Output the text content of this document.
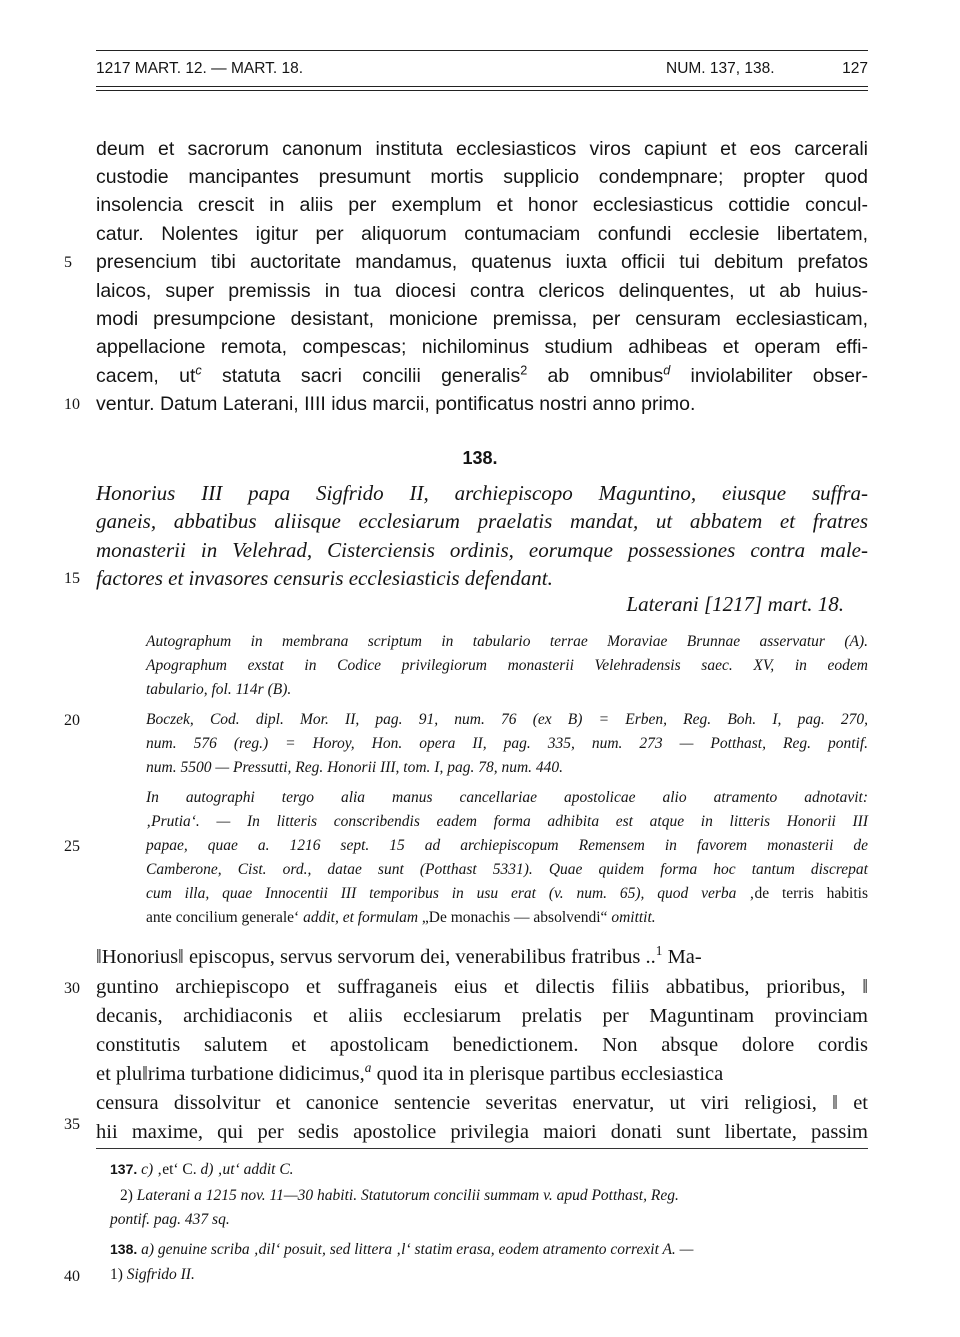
1217 MART. 12. — MART. 18.	NUM. 137, 138.	127
deum et sacrorum canonum instituta ecclesiasticos viros capiunt et eos carcerali
custodie mancipantes presumunt mortis supplicio condempnare; propter quod
insolencia crescit in aliis per exemplum et honor ecclesiasticus cottidie concul-
catur. Nolentes igitur per aliquorum contumaciam confundi ecclesie libertatem,
presencium tibi auctoritate mandamus, quatenus iuxta officii tui debitum prefatos
laicos, super premissis in tua diocesi contra clericos delinquentes, ut ab huius-
modi presumpcione desistant, monicione premissa, per censuram ecclesiasticam,
appellacione remota, compescas; nichilominus studium adhibeas et operam effi-
cacem, $ut^c$ statuta sacri concilii generalis$^2$ ab omnibus$^d$ inviolabiliter obser-
ventur. Datum Laterani, IIII idus marcii, pontificatus nostri anno primo.
5
10
15
20
25
30
35
40
138.
Honorius III papa Sigfrido II, archiepiscopo Maguntino, eiusque suffra-
ganeis, abbatibus aliisque ecclesiarum praelatis mandat, ut abbatem et fratres
monasterii in Velehrad, Cisterciensis ordinis, eorumque possessiones contra male-
factores et invasores censuris ecclesiasticis defendant.
Laterani [1217] mart. 18.
Autographum in membrana scriptum in tabulario terrae Moraviae Brunnae asservatur (A).
Apographum exstat in Codice privilegiorum monasterii Velehradensis saec. XV, in eodem
tabulario, fol. 114r (B).
Boczek, Cod. dipl. Mor. II, pag. 91, num. 76 (ex B) = Erben, Reg. Boh. I, pag. 270,
num. 576 (reg.) = Horoy, Hon. opera II, pag. 335, num. 273 — Potthast, Reg. pontif.
num. 5500 — Pressutti, Reg. Honorii III, tom. I, pag. 78, num. 440.
In autographi tergo alia manus cancellariae apostolicae alio atramento adnotavit:
‚Prutia‘. — In litteris conscribendis eadem forma adhibita est atque in litteris Honorii III
papae, quae a. 1216 sept. 15 ad archiepiscopum Remensem in favorem monasterii de
Camberone, Cist. ord., datae sunt (Potthast 5331). Quae quidem forma hoc tantum discrepat
cum illa, quae Innocentii III temporibus in usu erat (v. num. 65), quod verba ‚de terris habitis
ante concilium generale‘ addit, et formulam „De monachis — absolvendi“ omittit.
‖Honorius‖ episcopus, servus servorum dei, venerabilibus fratribus ..$^1$ Ma-
guntino archiepiscopo et suffraganeis eius et dilectis filiis abbatibus, prioribus, ‖
decanis, archidiaconis et aliis ecclesiarum prelatis per Maguntinam provinciam
constitutis salutem et apostolicam benedictionem. Non absque dolore cordis
et plu‖rima turbatione didicimus,$^a$ quod ita in plerisque partibus ecclesiastica
censura dissolvitur et canonice sentencie severitas enervatur, ut viri religiosi, ‖ et
hii maxime, qui per sedis apostolice privilegia maiori donati sunt libertate, passim
137. c) ‚et‘ C. d) ‚ut‘ addit C.
2) Laterani a 1215 nov. 11—30 habiti. Statutorum concilii summam v. apud Potthast, Reg.
pontif. pag. 437 sq.
138. a) genuine scriba ‚dil‘ posuit, sed littera ‚l‘ statim erasa, eodem atramento correxit A. —
1) Sigfrido II.
